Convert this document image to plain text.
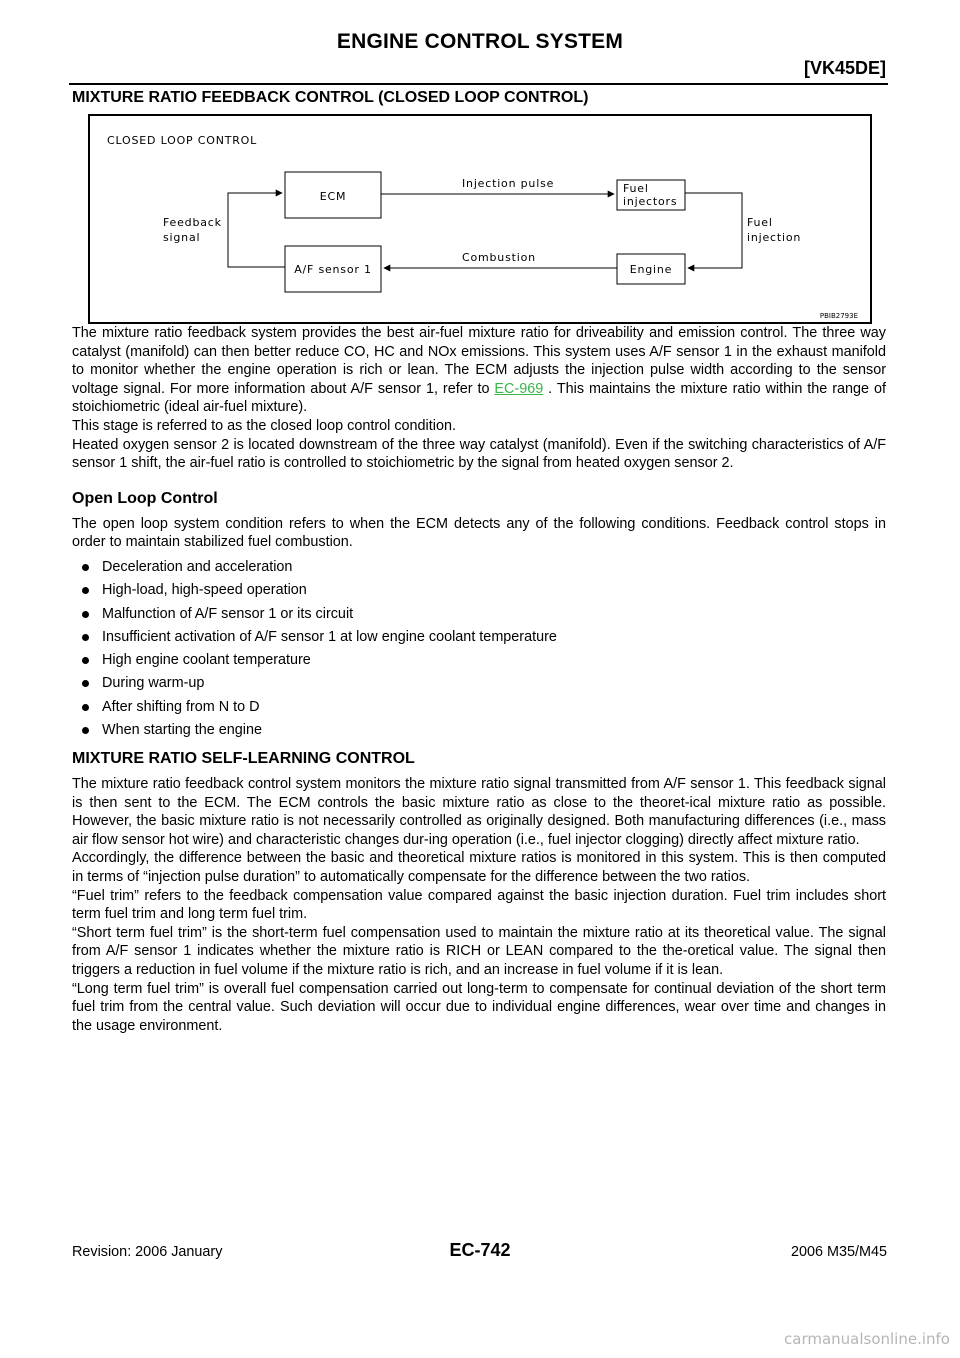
ENGINE CONTROL SYSTEM
[VK45DE]
MIXTURE RATIO FEEDBACK CONTROL (CLOSED LOOP CONTROL)
CLOSED LOOP CONTROL
ECM
A/F sensor 1
Fuel
injectors
Engine
Injection pulse
Combustion
Feedback
signal
Fuel
injection
PBIB2793E

The mixture ratio feedback system provides the best air-fuel mixture ratio for driveability and emission control. The three way catalyst (manifold) can then better reduce CO, HC and NOx emissions. This system uses A/F sensor 1 in the exhaust manifold to monitor whether the engine operation is rich or lean. The ECM adjusts the injection pulse width according to the sensor voltage signal. For more information about A/F sensor 1, refer to EC-969 . This maintains the mixture ratio within the range of stoichiometric (ideal air-fuel mixture).

This stage is referred to as the closed loop control condition.

Heated oxygen sensor 2 is located downstream of the three way catalyst (manifold). Even if the switching characteristics of A/F sensor 1 shift, the air-fuel ratio is controlled to stoichiometric by the signal from heated oxygen sensor 2.

Open Loop Control

The open loop system condition refers to when the ECM detects any of the following conditions. Feedback control stops in order to maintain stabilized fuel combustion.

Deceleration and acceleration
High-load, high-speed operation
Malfunction of A/F sensor 1 or its circuit
Insufficient activation of A/F sensor 1 at low engine coolant temperature
High engine coolant temperature
During warm-up
After shifting from N to D
When starting the engine
MIXTURE RATIO SELF-LEARNING CONTROL

The mixture ratio feedback control system monitors the mixture ratio signal transmitted from A/F sensor 1. This feedback signal is then sent to the ECM. The ECM controls the basic mixture ratio as close to the theoret-ical mixture ratio as possible. However, the basic mixture ratio is not necessarily controlled as originally designed. Both manufacturing differences (i.e., mass air flow sensor hot wire) and characteristic changes dur-ing operation (i.e., fuel injector clogging) directly affect mixture ratio.

Accordingly, the difference between the basic and theoretical mixture ratios is monitored in this system. This is then computed in terms of “injection pulse duration” to automatically compensate for the difference between the two ratios.

“Fuel trim” refers to the feedback compensation value compared against the basic injection duration. Fuel trim includes short term fuel trim and long term fuel trim.

“Short term fuel trim” is the short-term fuel compensation used to maintain the mixture ratio at its theoretical value. The signal from A/F sensor 1 indicates whether the mixture ratio is RICH or LEAN compared to the the-oretical value. The signal then triggers a reduction in fuel volume if the mixture ratio is rich, and an increase in fuel volume if it is lean.

“Long term fuel trim” is overall fuel compensation carried out long-term to compensate for continual deviation of the short term fuel trim from the central value. Such deviation will occur due to individual engine differences, wear over time and changes in the usage environment.

Revision: 2006 January	EC-742	2006 M35/M45
carmanualsonline.info
